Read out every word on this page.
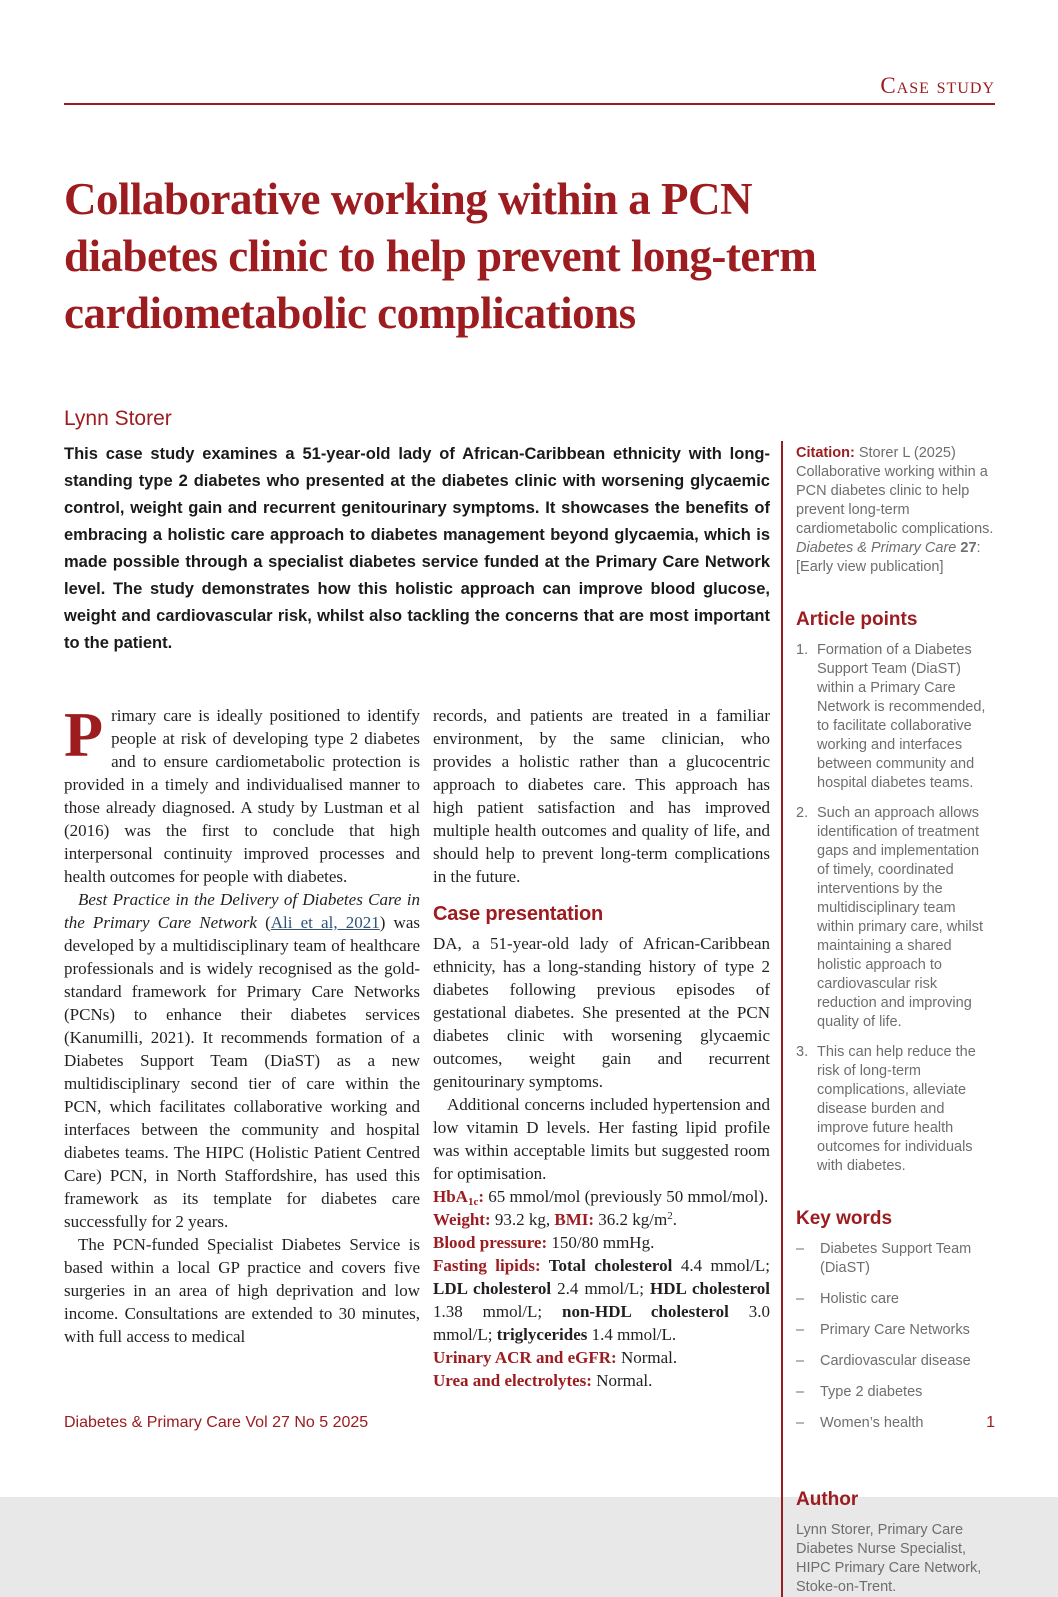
Case study
Collaborative working within a PCN
diabetes clinic to help prevent long-term
cardiometabolic complications
Lynn Storer

This case study examines a 51-year-old lady of African-Caribbean ethnicity with long-standing type 2 diabetes who presented at the diabetes clinic with worsening glycaemic control, weight gain and recurrent genitourinary symptoms. It showcases the benefits of embracing a holistic care approach to diabetes management beyond glycaemia, which is made possible through a specialist diabetes service funded at the Primary Care Network level. The study demonstrates how this holistic approach can improve blood glucose, weight and cardiovascular risk, whilst also tackling the concerns that are most important to the patient.

Primary care is ideally positioned to identify people at risk of developing type 2 diabetes and to ensure cardiometabolic protection is provided in a timely and individualised manner to those already diagnosed. A study by Lustman et al (2016) was the first to conclude that high interpersonal continuity improved processes and health outcomes for people with diabetes.

Best Practice in the Delivery of Diabetes Care in the Primary Care Network (Ali et al, 2021) was developed by a multidisciplinary team of healthcare professionals and is widely recognised as the gold-standard framework for Primary Care Networks (PCNs) to enhance their diabetes services (Kanumilli, 2021). It recommends formation of a Diabetes Support Team (DiaST) as a new multidisciplinary second tier of care within the PCN, which facilitates collaborative working and interfaces between the community and hospital diabetes teams. The HIPC (Holistic Patient Centred Care) PCN, in North Staffordshire, has used this framework as its template for diabetes care successfully for 2 years.

The PCN-funded Specialist Diabetes Service is based within a local GP practice and covers five surgeries in an area of high deprivation and low income. Consultations are extended to 30 minutes, with full access to medical

records, and patients are treated in a familiar environment, by the same clinician, who provides a holistic rather than a glucocentric approach to diabetes care. This approach has high patient satisfaction and has improved multiple health outcomes and quality of life, and should help to prevent long-term complications in the future.

Case presentation

DA, a 51-year-old lady of African-Caribbean ethnicity, has a long-standing history of type 2 diabetes following previous episodes of gestational diabetes. She presented at the PCN diabetes clinic with worsening glycaemic outcomes, weight gain and recurrent genitourinary symptoms.

Additional concerns included hypertension and low vitamin D levels. Her fasting lipid profile was within acceptable limits but suggested room for optimisation.

HbA$_{1c}$: 65 mmol/mol (previously 50 mmol/mol).

Weight: 93.2 kg, BMI: 36.2 $kg/m^2$.

Blood pressure: 150/80 mmHg.

Fasting lipids: Total cholesterol 4.4 mmol/L; LDL cholesterol 2.4 mmol/L; HDL cholesterol 1.38 mmol/L; non-HDL cholesterol 3.0 mmol/L; triglycerides 1.4 mmol/L.

Urinary ACR and eGFR: Normal.

Urea and electrolytes: Normal.

Citation: Storer L (2025) Collaborative working within a PCN diabetes clinic to help prevent long-term cardiometabolic complications. Diabetes & Primary Care 27: [Early view publication]

Article points
1. Formation of a Diabetes Support Team (DiaST) within a Primary Care Network is recommended, to facilitate collaborative working and interfaces between community and hospital diabetes teams.
2. Such an approach allows identification of treatment gaps and implementation of timely, coordinated interventions by the multidisciplinary team within primary care, whilst maintaining a shared holistic approach to cardiovascular risk reduction and improving quality of life.
3. This can help reduce the risk of long-term complications, alleviate disease burden and improve future health outcomes for individuals with diabetes.
Key words
–	Diabetes Support Team (DiaST)
–	Holistic care
–	Primary Care Networks
–	Cardiovascular disease
–	Type 2 diabetes
–	Women’s health
Author

Lynn Storer, Primary Care Diabetes Nurse Specialist, HIPC Primary Care Network, Stoke-on-Trent.

Diabetes & Primary Care Vol 27 No 5 2025	1
